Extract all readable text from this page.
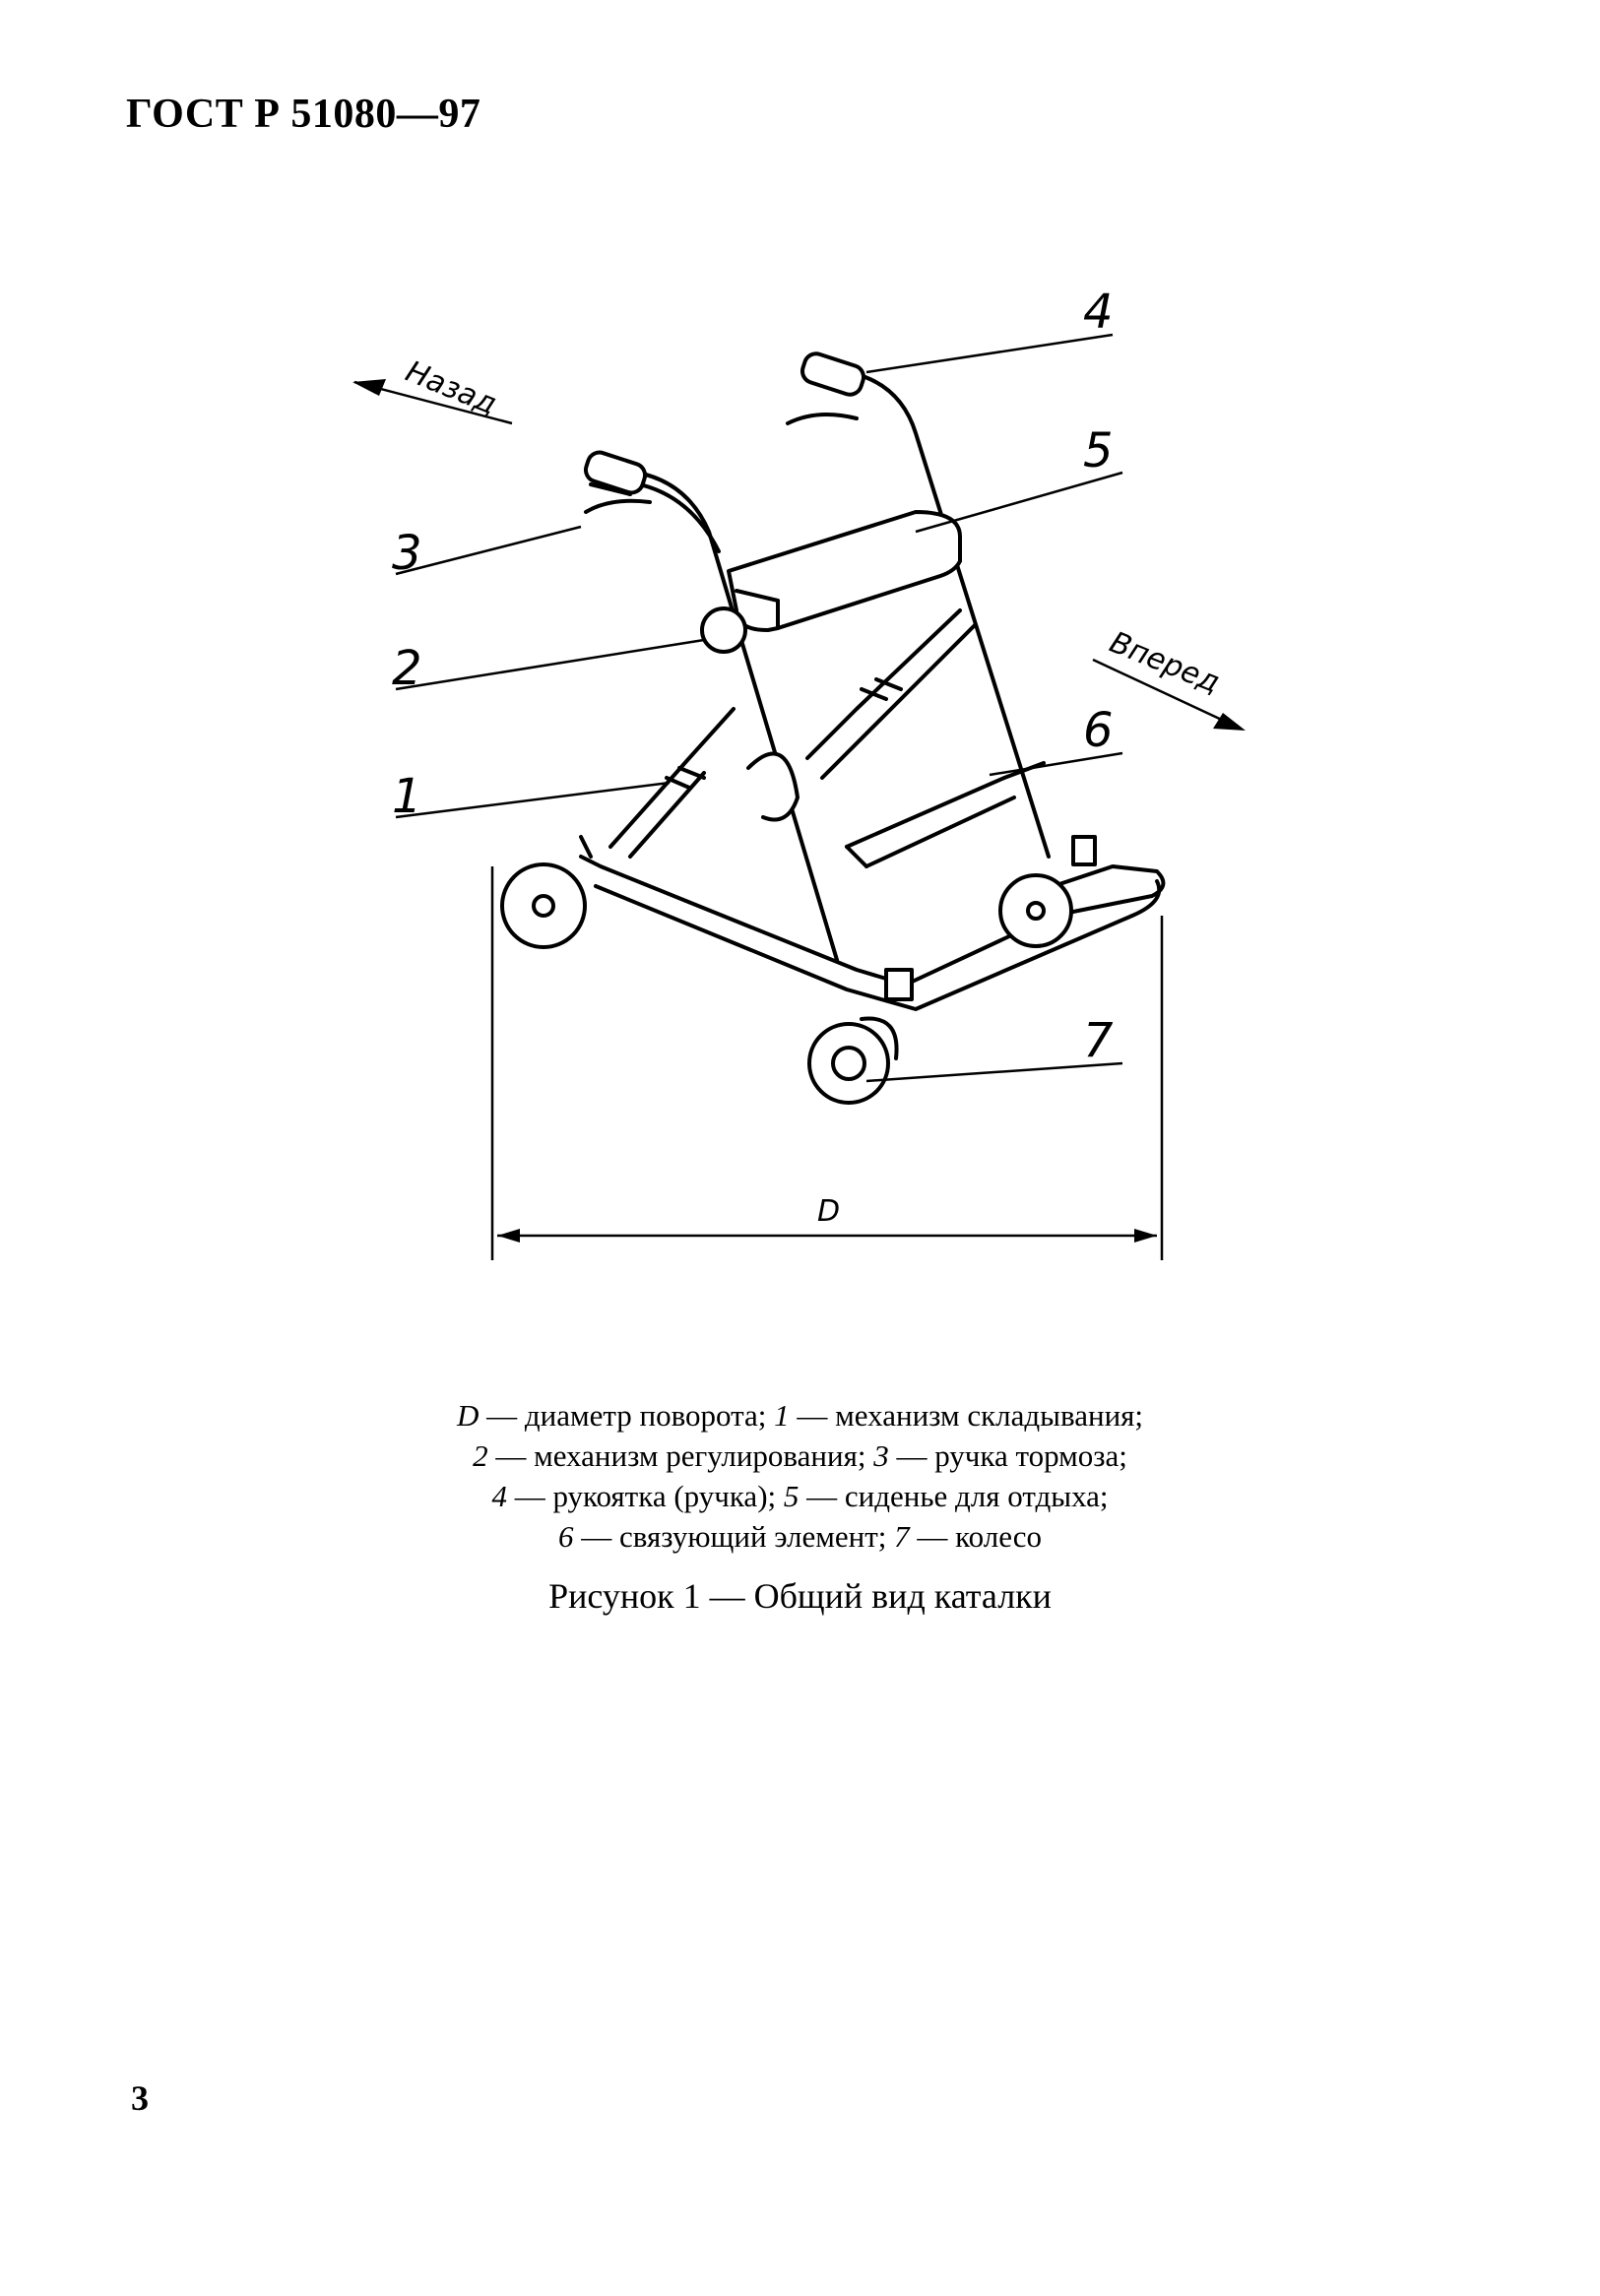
ГОСТ Р 51080—97
3
2
1
4
5
6
7
Назад
Вперед
D
D — диаметр поворота; 1 — механизм складывания;
2 — механизм регулирования; 3 — ручка тормоза;
4 — рукоятка (ручка); 5 — сиденье для отдыха;
6 — связующий элемент; 7 — колесо
Рисунок 1 — Общий вид каталки
3
